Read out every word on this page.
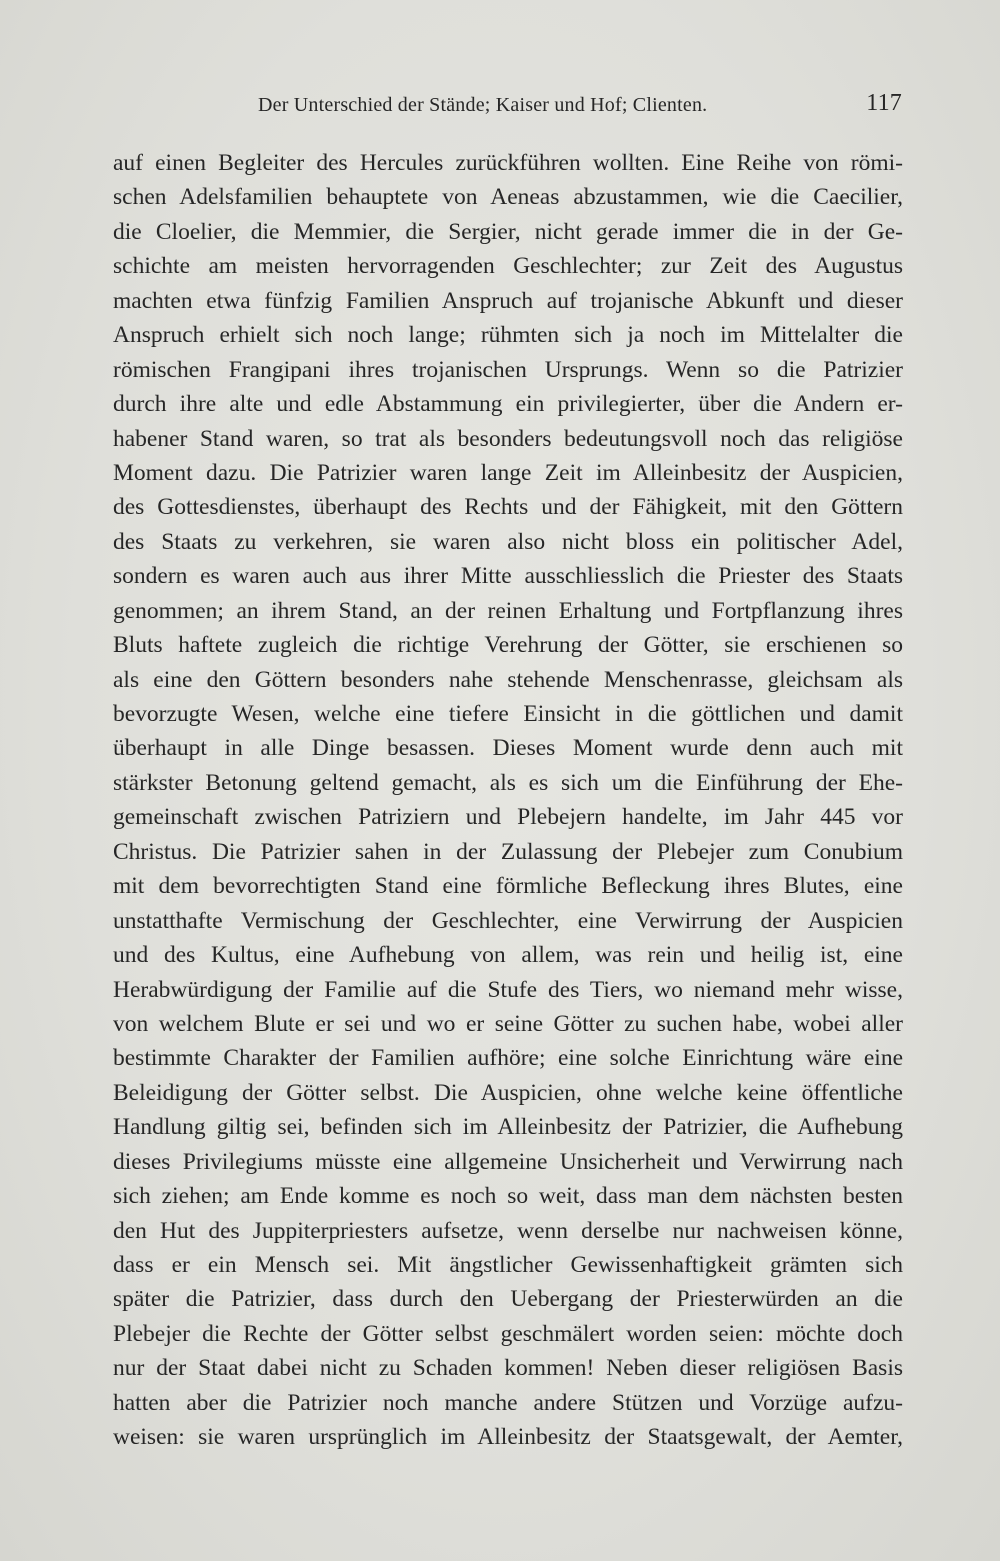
Der Unterschied der Stände; Kaiser und Hof; Clienten.	117
auf einen Begleiter des Hercules zurückführen wollten. Eine Reihe von römi-
schen Adelsfamilien behauptete von Aeneas abzustammen, wie die Caecilier,
die Cloelier, die Memmier, die Sergier, nicht gerade immer die in der Ge-
schichte am meisten hervorragenden Geschlechter; zur Zeit des Augustus
machten etwa fünfzig Familien Anspruch auf trojanische Abkunft und dieser
Anspruch erhielt sich noch lange; rühmten sich ja noch im Mittelalter die
römischen Frangipani ihres trojanischen Ursprungs. Wenn so die Patrizier
durch ihre alte und edle Abstammung ein privilegierter, über die Andern er-
habener Stand waren, so trat als besonders bedeutungsvoll noch das religiöse
Moment dazu. Die Patrizier waren lange Zeit im Alleinbesitz der Auspicien,
des Gottesdienstes, überhaupt des Rechts und der Fähigkeit, mit den Göttern
des Staats zu verkehren, sie waren also nicht bloss ein politischer Adel,
sondern es waren auch aus ihrer Mitte ausschliesslich die Priester des Staats
genommen; an ihrem Stand, an der reinen Erhaltung und Fortpflanzung ihres
Bluts haftete zugleich die richtige Verehrung der Götter, sie erschienen so
als eine den Göttern besonders nahe stehende Menschenrasse, gleichsam als
bevorzugte Wesen, welche eine tiefere Einsicht in die göttlichen und damit
überhaupt in alle Dinge besassen. Dieses Moment wurde denn auch mit
stärkster Betonung geltend gemacht, als es sich um die Einführung der Ehe-
gemeinschaft zwischen Patriziern und Plebejern handelte, im Jahr 445 vor
Christus. Die Patrizier sahen in der Zulassung der Plebejer zum Conubium
mit dem bevorrechtigten Stand eine förmliche Befleckung ihres Blutes, eine
unstatthafte Vermischung der Geschlechter, eine Verwirrung der Auspicien
und des Kultus, eine Aufhebung von allem, was rein und heilig ist, eine
Herabwürdigung der Familie auf die Stufe des Tiers, wo niemand mehr wisse,
von welchem Blute er sei und wo er seine Götter zu suchen habe, wobei aller
bestimmte Charakter der Familien aufhöre; eine solche Einrichtung wäre eine
Beleidigung der Götter selbst. Die Auspicien, ohne welche keine öffentliche
Handlung giltig sei, befinden sich im Alleinbesitz der Patrizier, die Aufhebung
dieses Privilegiums müsste eine allgemeine Unsicherheit und Verwirrung nach
sich ziehen; am Ende komme es noch so weit, dass man dem nächsten besten
den Hut des Juppiterpriesters aufsetze, wenn derselbe nur nachweisen könne,
dass er ein Mensch sei. Mit ängstlicher Gewissenhaftigkeit grämten sich
später die Patrizier, dass durch den Uebergang der Priesterwürden an die
Plebejer die Rechte der Götter selbst geschmälert worden seien: möchte doch
nur der Staat dabei nicht zu Schaden kommen! Neben dieser religiösen Basis
hatten aber die Patrizier noch manche andere Stützen und Vorzüge aufzu-
weisen: sie waren ursprünglich im Alleinbesitz der Staatsgewalt, der Aemter,
